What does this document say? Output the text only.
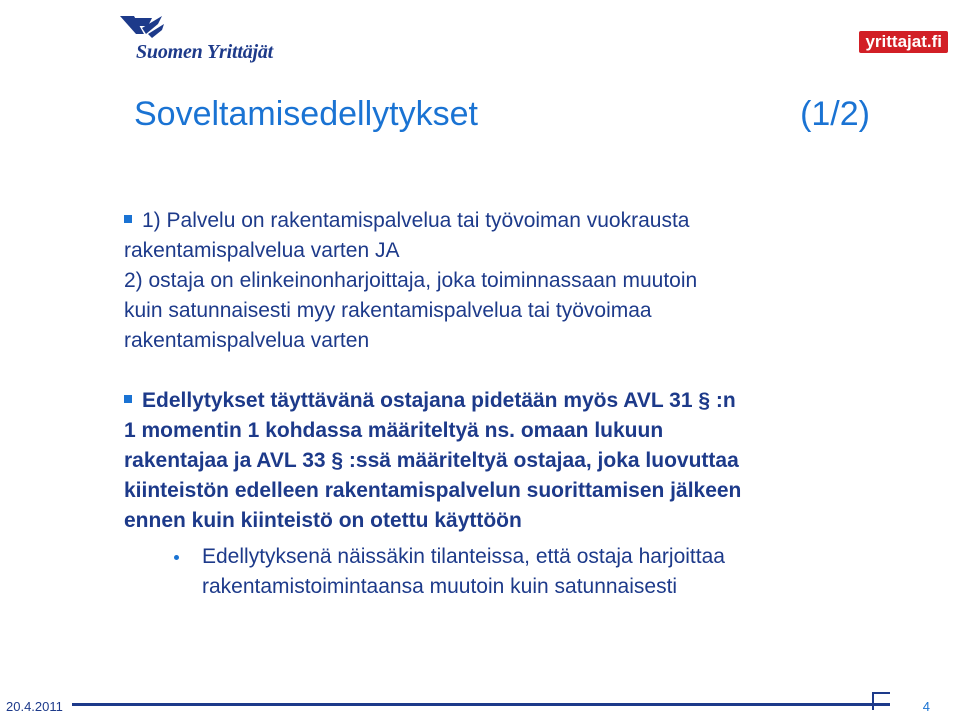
Suomen Yrittäjät	yrittajat.fi
Soveltamisedellytykset	(1/2)

1) Palvelu on rakentamispalvelua tai työvoiman vuokrausta

rakentamispalvelua varten JA

2) ostaja on elinkeinonharjoittaja, joka toiminnassaan muutoin

kuin satunnaisesti myy rakentamispalvelua tai työvoimaa

rakentamispalvelua varten

Edellytykset täyttävänä ostajana pidetään myös AVL 31 § :n

1 momentin 1 kohdassa määriteltyä ns. omaan lukuun

rakentajaa ja AVL 33 § :ssä määriteltyä ostajaa, joka luovuttaa

kiinteistön edelleen rakentamispalvelun suorittamisen jälkeen

ennen kuin kiinteistö on otettu käyttöön

Edellytyksenä näissäkin tilanteissa, että ostaja harjoittaa
rakentamistoimintaansa muutoin kuin satunnaisesti
20.4.2011	4
